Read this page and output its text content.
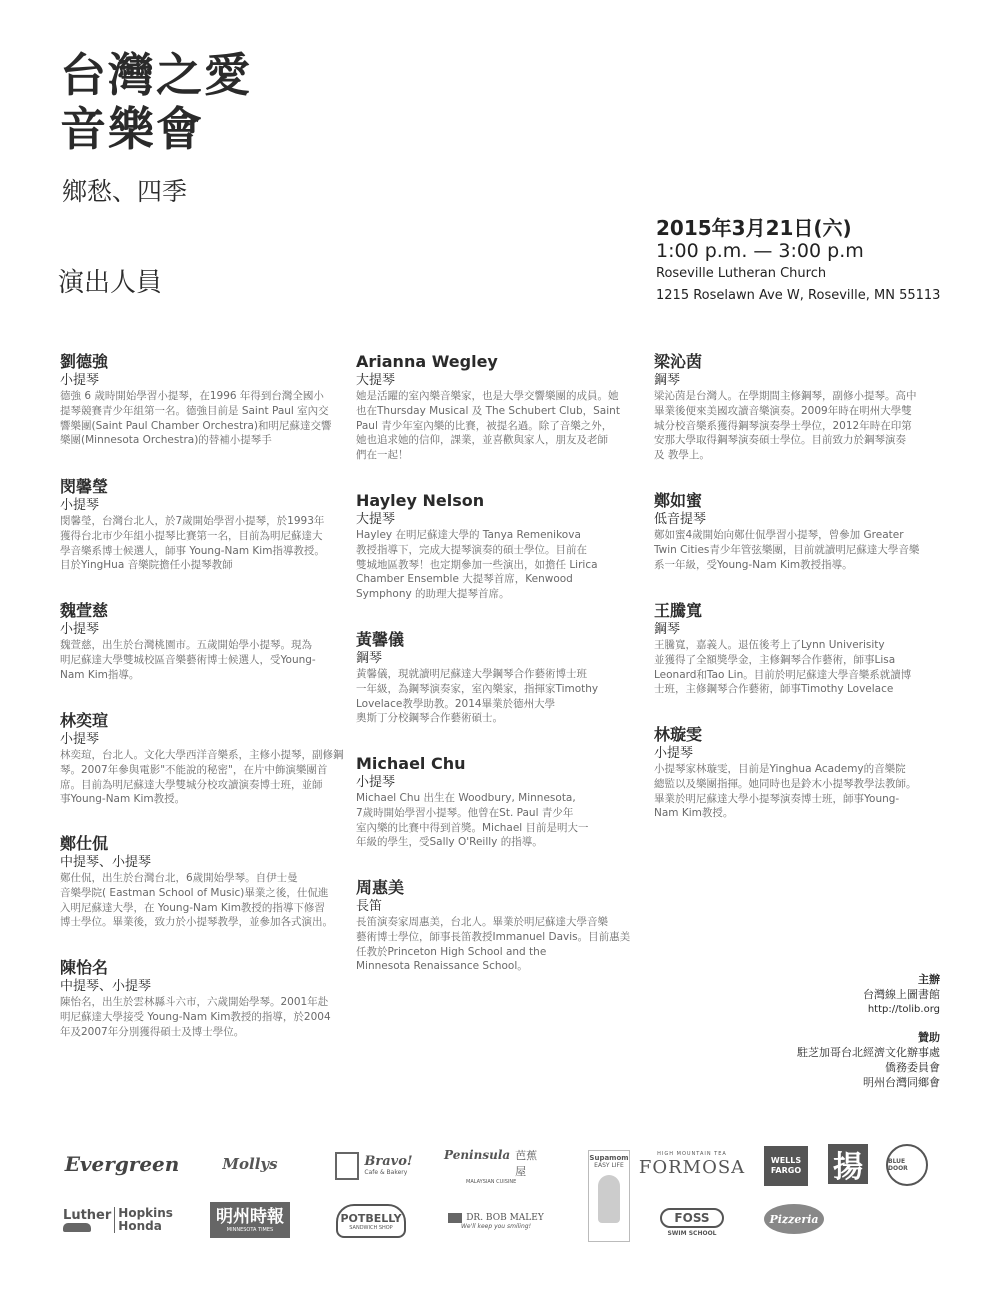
台灣之愛
音樂會
鄉愁、四季
演出人員
2015年3月21日(六)
1:00 p.m. — 3:00 p.m
Roseville Lutheran Church
1215 Roselawn Ave W, Roseville, MN 55113
劉德強
小提琴
德強 6 歲時開始學習小提琴，在1996 年得到台灣全國小
提琴競賽青少年組第一名。德強目前是 Saint Paul 室內交
響樂團(Saint Paul Chamber Orchestra)和明尼蘇達交響
樂團(Minnesota Orchestra)的替補小提琴手
閔馨瑩
小提琴
閔馨瑩，台灣台北人，於7歲開始學習小提琴，於1993年
獲得台北市少年組小提琴比賽第一名，目前為明尼蘇達大
學音樂系博士候選人，師事 Young-Nam Kim指導教授。
目於YingHua 音樂院擔任小提琴教師
魏萱慈
小提琴
魏萱慈，出生於台灣桃園市。五歲開始學小提琴。現為
明尼蘇達大學雙城校區音樂藝術博士候選人，受Young-
Nam Kim指導。
林奕瑄
小提琴
林奕瑄，台北人。文化大學西洋音樂系，主修小提琴，副修鋼
琴。2007年參與電影"不能說的秘密"，在片中飾演樂團首
席。目前為明尼蘇達大學雙城分校攻讀演奏博士班，並師
事Young-Nam Kim教授。
鄭仕侃
中提琴、小提琴
鄭仕侃，出生於台灣台北，6歲開始學琴。自伊士曼
音樂學院( Eastman School of Music)畢業之後，仕侃進
入明尼蘇達大學，在 Young-Nam Kim教授的指導下修習
博士學位。畢業後，致力於小提琴教學，並參加各式演出。
陳怡名
中提琴、小提琴
陳怡名，出生於雲林縣斗六市，六歲開始學琴。2001年赴
明尼蘇達大學接受 Young-Nam Kim教授的指導，於2004
年及2007年分別獲得碩士及博士學位。
Arianna Wegley
大提琴
她是活躍的室內樂音樂家，也是大學交響樂團的成員。她
也在Thursday Musical 及 The Schubert Club，Saint
Paul 青少年室內樂的比賽，被提名過。除了音樂之外，
她也追求她的信仰，課業，並喜歡與家人，朋友及老師
們在一起！
Hayley Nelson
大提琴
Hayley 在明尼蘇達大學的 Tanya Remenikova
教授指導下，完成大提琴演奏的碩士學位。目前在
雙城地區教琴！也定期參加一些演出，如擔任 Lirica
Chamber Ensemble 大提琴首席，Kenwood
Symphony 的助理大提琴首席。
黃馨儀
鋼琴
黃馨儀，現就讀明尼蘇達大學鋼琴合作藝術博士班
一年級，為鋼琴演奏家，室內樂家，指揮家Timothy
Lovelace教學助教。2014畢業於德州大學
奧斯丁分校鋼琴合作藝術碩士。
Michael Chu
小提琴
Michael Chu 出生在 Woodbury, Minnesota,
7歲時開始學習小提琴。他曾在St. Paul 青少年
室內樂的比賽中得到首獎。Michael 目前是明大一
年級的學生，受Sally O'Reilly 的指導。
周惠美
長笛
長笛演奏家周惠美，台北人。畢業於明尼蘇達大學音樂
藝術博士學位，師事長笛教授Immanuel Davis。目前惠美
任教於Princeton High School and the
Minnesota Renaissance School。
梁沁茵
鋼琴
梁沁茵是台灣人。在學期間主修鋼琴，副修小提琴。高中
畢業後便來美國攻讀音樂演奏。2009年時在明州大學雙
城分校音樂系獲得鋼琴演奏學士學位，2012年時在印第
安那大學取得鋼琴演奏碩士學位。目前致力於鋼琴演奏
及 教學上。
鄭如蜜
低音提琴
鄭如蜜4歲開始向鄭仕侃學習小提琴，曾參加 Greater
Twin Cities青少年管弦樂團，目前就讀明尼蘇達大學音樂
系一年級，受Young-Nam Kim教授指導。
王騰寬
鋼琴
王騰寬，嘉義人。退伍後考上了Lynn Univerisity
並獲得了全額獎學金，主修鋼琴合作藝術，師事Lisa
Leonard和Tao Lin。目前於明尼蘇達大學音樂系就讀博
士班，主修鋼琴合作藝術，師事Timothy Lovelace
林璇雯
小提琴
小提琴家林璇雯，目前是Yinghua Academy的音樂院
總監以及樂團指揮。她同時也是鈴木小提琴教學法教師。
畢業於明尼蘇達大學小提琴演奏博士班，師事Young-
Nam Kim教授。
主辦
台灣線上圖書館
http://tolib.org
贊助
駐芝加哥台北經濟文化辦事處
僑務委員會
明州台灣同鄉會
Evergreen	Mollys	Bravo!
Cafe & Bakery
Peninsula 芭蕉屋
MALAYSIAN CUISINE
Supamom
EASY LIFE
HIGH MOUNTAIN TEA
FORMOSA	WELLS
FARGO 揚	BLUE DOOR
Luther Hopkins
Honda	明州時報
MINNESOTA TIMES
POTBELLY
SANDWICH SHOP
DR. BOB MALEY
We'll keep you smiling!
FOSS
SWIM SCHOOL
Pizzeria
